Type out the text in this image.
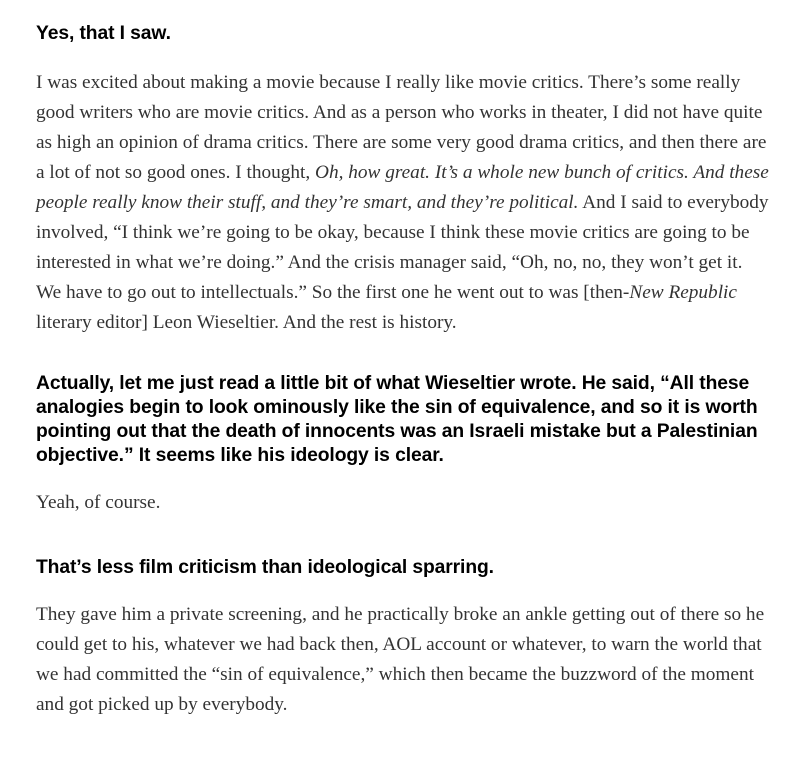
Yes, that I saw.

I was excited about making a movie because I really like movie critics. There’s some really good writers who are movie critics. And as a person who works in theater, I did not have quite as high an opinion of drama critics. There are some very good drama critics, and then there are a lot of not so good ones. I thought, Oh, how great. It’s a whole new bunch of critics. And these people really know their stuff, and they’re smart, and they’re political. And I said to everybody involved, “I think we’re going to be okay, because I think these movie critics are going to be interested in what we’re doing.” And the crisis manager said, “Oh, no, no, they won’t get it. We have to go out to intellectuals.” So the first one he went out to was [then-New Republic literary editor] Leon Wieseltier. And the rest is history.

Actually, let me just read a little bit of what Wieseltier wrote. He said, “All these analogies begin to look ominously like the sin of equivalence, and so it is worth pointing out that the death of innocents was an Israeli mistake but a Palestinian objective.” It seems like his ideology is clear.

Yeah, of course.

That’s less film criticism than ideological sparring.

They gave him a private screening, and he practically broke an ankle getting out of there so he could get to his, whatever we had back then, AOL account or whatever, to warn the world that we had committed the “sin of equivalence,” which then became the buzzword of the moment and got picked up by everybody.
